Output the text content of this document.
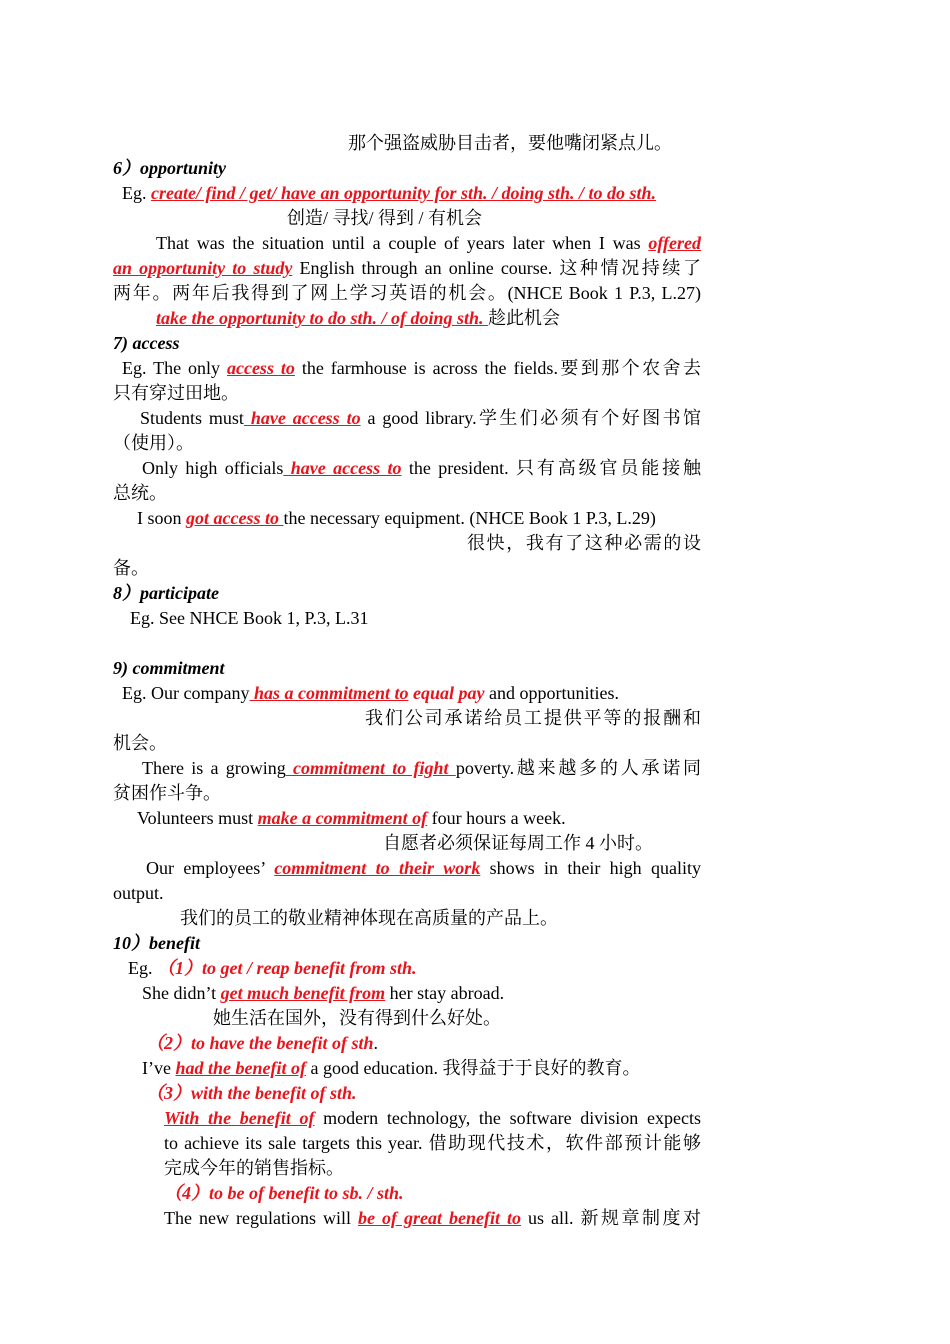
那个强盗威胁目击者，要他嘴闭紧点儿。
6）opportunity
Eg. create/ find / get/ have an opportunity for sth. / doing sth. / to do sth.
创造/ 寻找/ 得到 / 有机会
That was the situation until a couple of years later when I was offered
an opportunity to study English through an online course. 这种情况持续了
两年。两年后我得到了网上学习英语的机会。(NHCE Book 1 P.3, L.27)
take the opportunity to do sth. / of doing sth. 趁此机会
7) access
Eg. The only access to the farmhouse is across the fields.要到那个农舍去
只有穿过田地。
Students must have access to a good library.学生们必须有个好图书馆
（使用）。
Only high officials have access to the president. 只有高级官员能接触
总统。
I soon got access to the necessary equipment. (NHCE Book 1 P.3, L.29)
很快，我有了这种必需的设
备。
8）participate
Eg. See NHCE Book 1, P.3, L.31
9) commitment
Eg. Our company has a commitment to equal pay and opportunities.
我们公司承诺给员工提供平等的报酬和
机会。
There is a growing commitment to fight poverty.越来越多的人承诺同
贫困作斗争。
Volunteers must make a commitment of four hours a week.
自愿者必须保证每周工作 4 小时。
Our employees’ commitment to their work shows in their high quality
output.
我们的员工的敬业精神体现在高质量的产品上。
10）benefit
Eg. （1）to get / reap benefit from sth.
She didn’t get much benefit from her stay abroad.
她生活在国外，没有得到什么好处。
（2）to have the benefit of sth.
I’ve had the benefit of a good education. 我得益于于良好的教育。
（3）with the benefit of sth.
With the benefit of modern technology, the software division expects
to achieve its sale targets this year. 借助现代技术，软件部预计能够
完成今年的销售指标。
（4）to be of benefit to sb. / sth.
The new regulations will be of great benefit to us all. 新规章制度对
